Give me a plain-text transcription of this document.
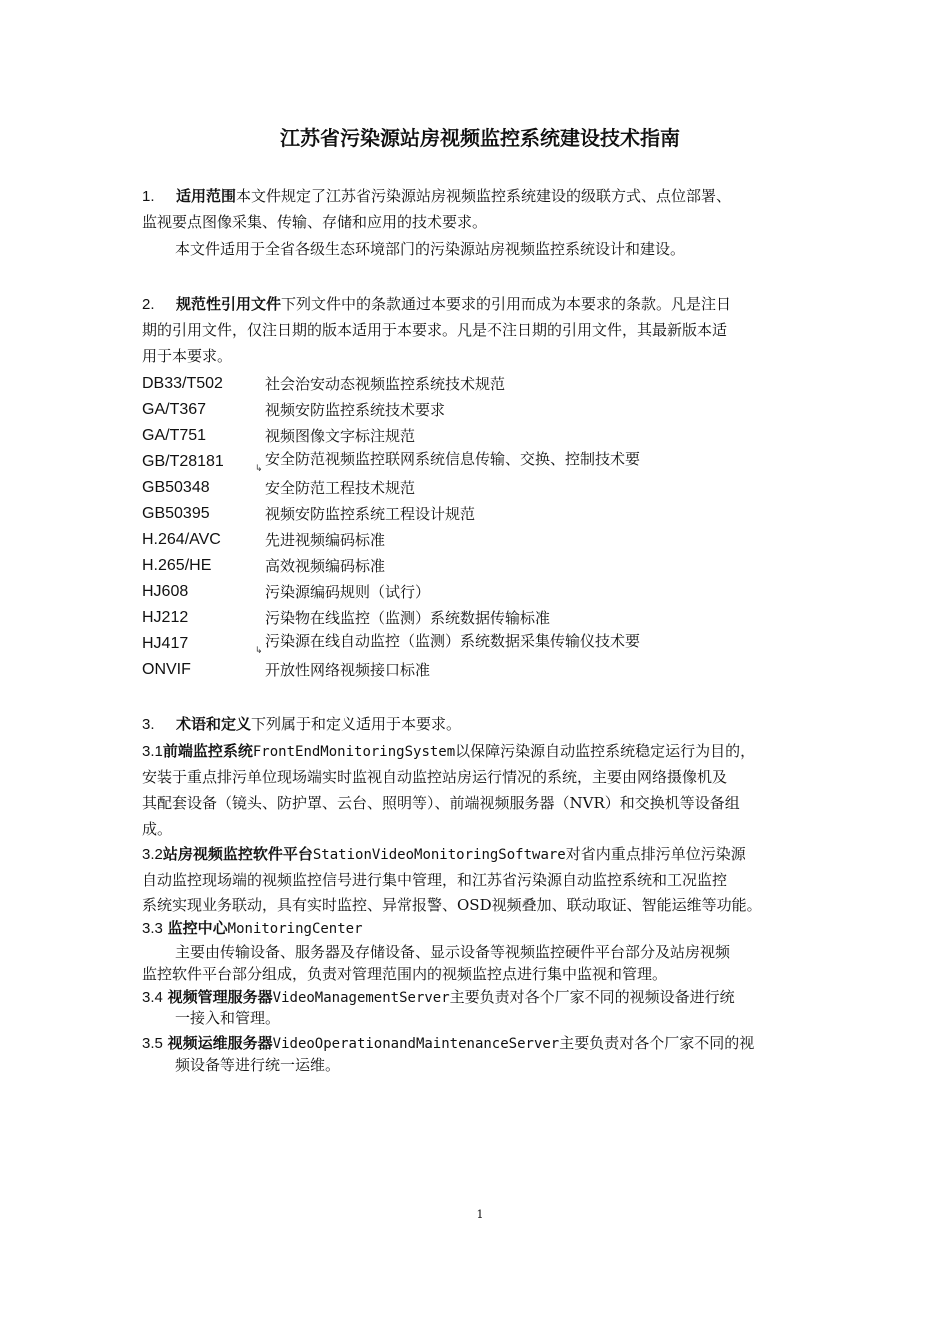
江苏省污染源站房视频监控系统建设技术指南
1. 适用范围本文件规定了江苏省污染源站房视频监控系统建设的级联方式、点位部署、
监视要点图像采集、传输、存储和应用的技术要求。
本文件适用于全省各级生态环境部门的污染源站房视频监控系统设计和建设。
2. 规范性引用文件下列文件中的条款通过本要求的引用而成为本要求的条款。凡是注日
期的引用文件，仅注日期的版本适用于本要求。凡是不注日期的引用文件，其最新版本适
用于本要求。
DB33/T502	社会治安动态视频监控系统技术规范
GA/T367	视频安防监控系统技术要求
GA/T751	视频图像文字标注规范
GB/T28181	安全防范视频监控联网系统信息传输、交换、控制技术要
↳
GB50348	安全防范工程技术规范
GB50395	视频安防监控系统工程设计规范
H.264/AVC	先进视频编码标准
H.265/HE	高效视频编码标准
HJ608	污染源编码规则（试行）
HJ212	污染物在线监控（监测）系统数据传输标准
HJ417	污染源在线自动监控（监测）系统数据采集传输仪技术要
↳
ONVIF	开放性网络视频接口标准
3. 术语和定义下列属于和定义适用于本要求。
3.1前端监控系统FrontEndMonitoringSystem以保障污染源自动监控系统稳定运行为目的，
安装于重点排污单位现场端实时监视自动监控站房运行情况的系统，主要由网络摄像机及
其配套设备（镜头、防护罩、云台、照明等）、前端视频服务器（NVR）和交换机等设备组
成。
3.2站房视频监控软件平台StationVideoMonitoringSoftware对省内重点排污单位污染源
自动监控现场端的视频监控信号进行集中管理，和江苏省污染源自动监控系统和工况监控
系统实现业务联动，具有实时监控、异常报警、OSD视频叠加、联动取证、智能运维等功能。
3.3 监控中心MonitoringCenter
主要由传输设备、服务器及存储设备、显示设备等视频监控硬件平台部分及站房视频
监控软件平台部分组成，负责对管理范围内的视频监控点进行集中监视和管理。
3.4 视频管理服务器VideoManagementServer主要负责对各个厂家不同的视频设备进行统
一接入和管理。
3.5 视频运维服务器VideoOperationandMaintenanceServer主要负责对各个厂家不同的视
频设备等进行统一运维。
1
